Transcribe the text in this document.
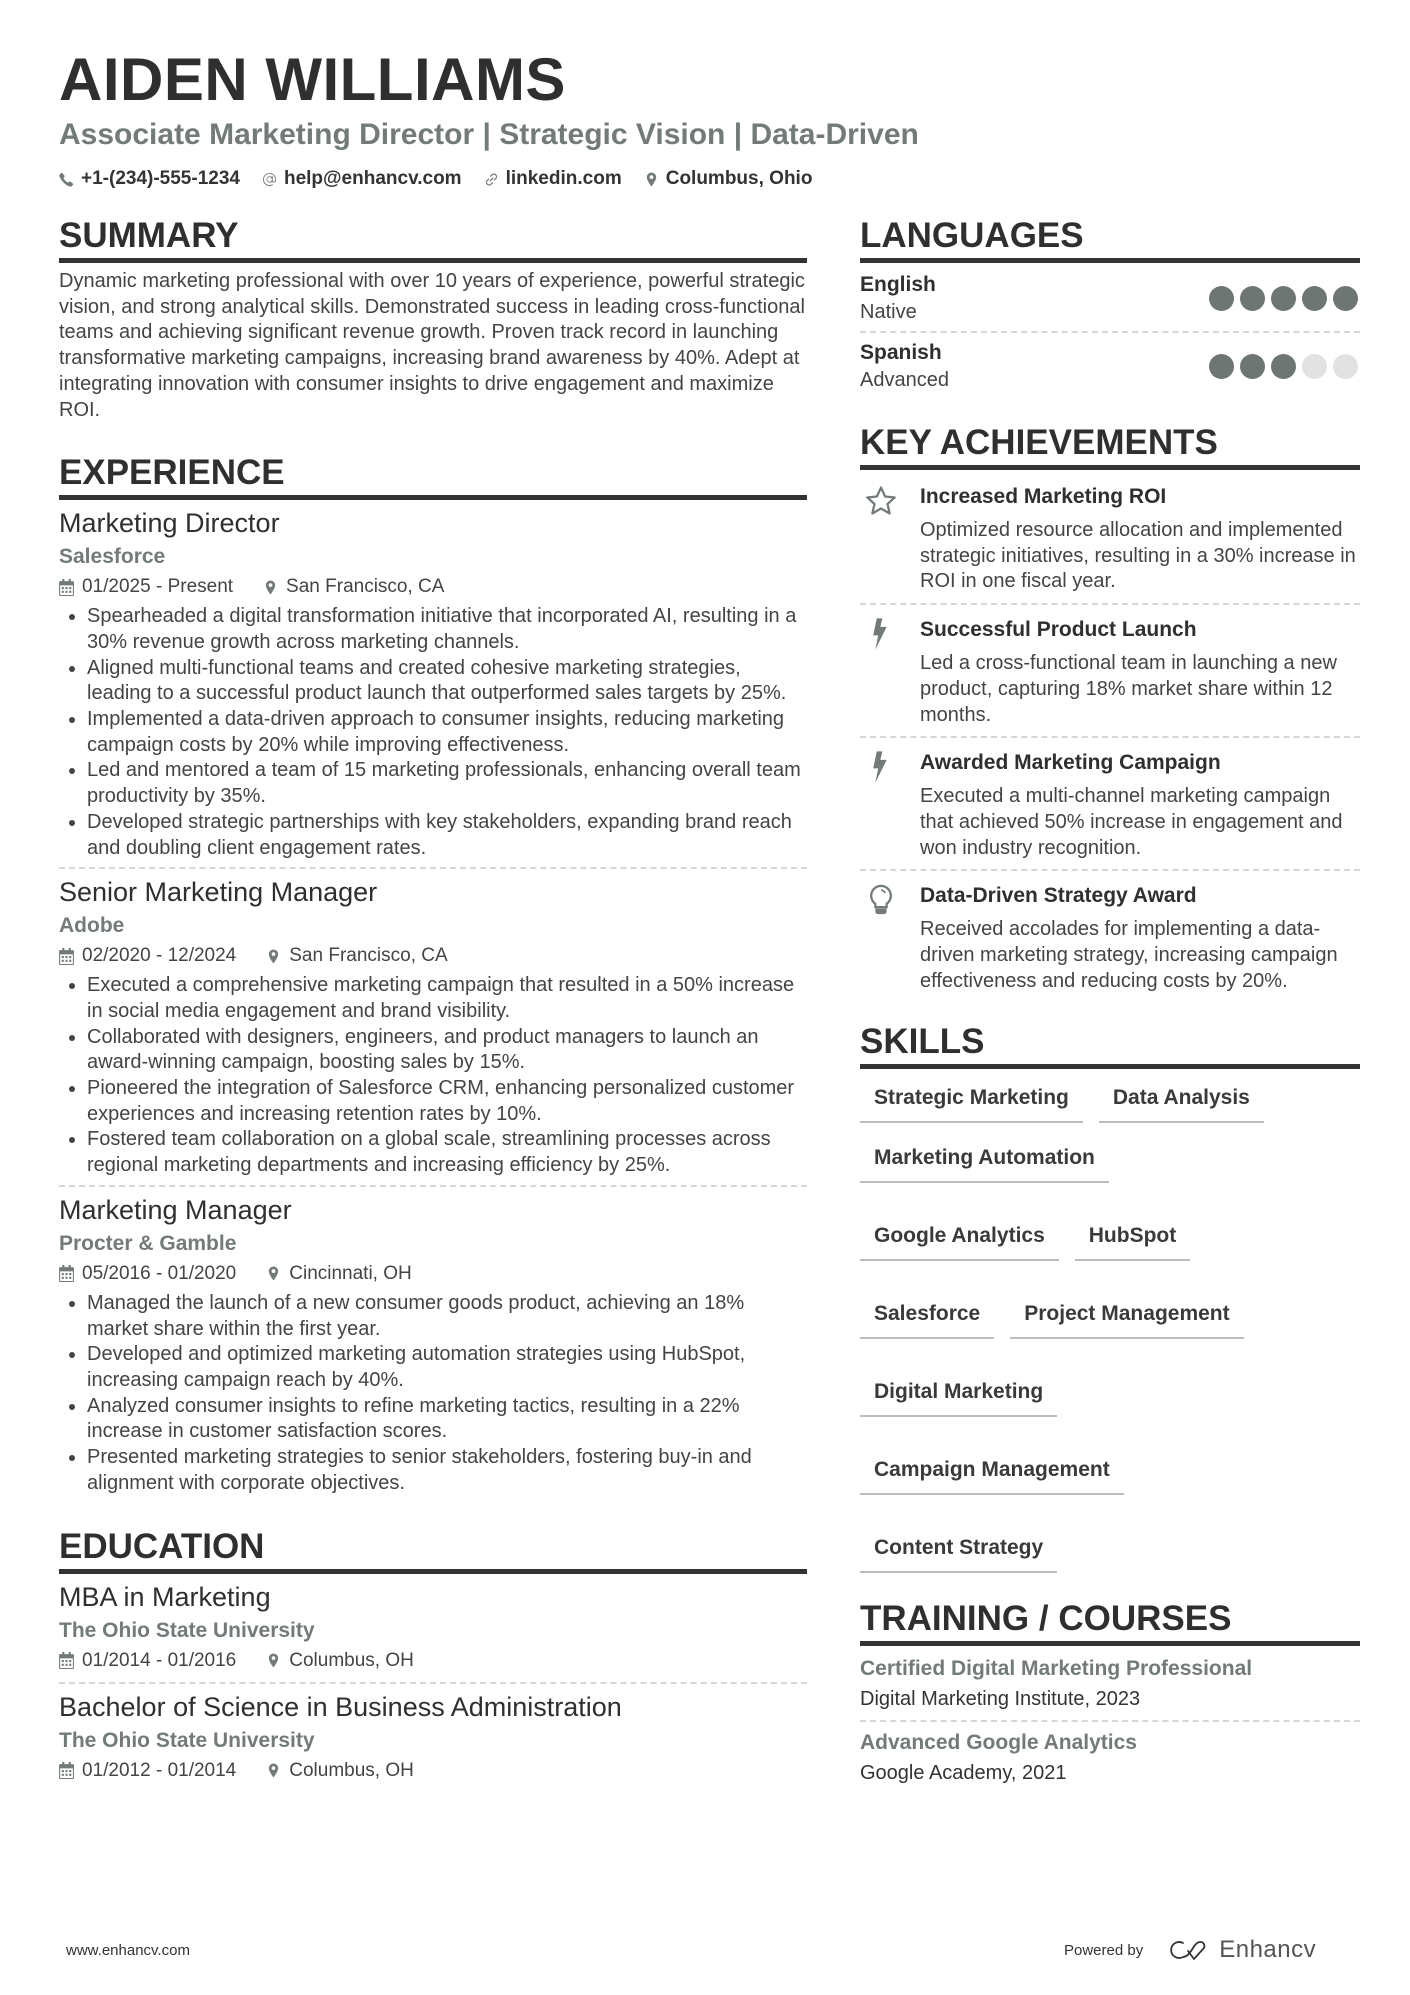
AIDEN WILLIAMS
Associate Marketing Director | Strategic Vision | Data-Driven
+1-(234)-555-1234 help@enhancv.com linkedin.com Columbus, Ohio
SUMMARY

Dynamic marketing professional with over 10 years of experience, powerful strategic vision, and strong analytical skills. Demonstrated success in leading cross-functional teams and achieving significant revenue growth. Proven track record in launching transformative marketing campaigns, increasing brand awareness by 40%. Adept at integrating innovation with consumer insights to drive engagement and maximize ROI.

EXPERIENCE
Marketing Director
Salesforce
01/2025 - Present	San Francisco, CA
Spearheaded a digital transformation initiative that incorporated AI, resulting in a 30% revenue growth across marketing channels.
Aligned multi-functional teams and created cohesive marketing strategies, leading to a successful product launch that outperformed sales targets by 25%.
Implemented a data-driven approach to consumer insights, reducing marketing campaign costs by 20% while improving effectiveness.
Led and mentored a team of 15 marketing professionals, enhancing overall team productivity by 35%.
Developed strategic partnerships with key stakeholders, expanding brand reach and doubling client engagement rates.
Senior Marketing Manager
Adobe
02/2020 - 12/2024	San Francisco, CA
Executed a comprehensive marketing campaign that resulted in a 50% increase in social media engagement and brand visibility.
Collaborated with designers, engineers, and product managers to launch an award-winning campaign, boosting sales by 15%.
Pioneered the integration of Salesforce CRM, enhancing personalized customer experiences and increasing retention rates by 10%.
Fostered team collaboration on a global scale, streamlining processes across regional marketing departments and increasing efficiency by 25%.
Marketing Manager
Procter & Gamble
05/2016 - 01/2020	Cincinnati, OH
Managed the launch of a new consumer goods product, achieving an 18% market share within the first year.
Developed and optimized marketing automation strategies using HubSpot, increasing campaign reach by 40%.
Analyzed consumer insights to refine marketing tactics, resulting in a 22% increase in customer satisfaction scores.
Presented marketing strategies to senior stakeholders, fostering buy-in and alignment with corporate objectives.
EDUCATION
MBA in Marketing
The Ohio State University
01/2014 - 01/2016	Columbus, OH
Bachelor of Science in Business Administration
The Ohio State University
01/2012 - 01/2014	Columbus, OH
LANGUAGES
English
Native
Spanish
Advanced
KEY ACHIEVEMENTS
Increased Marketing ROI
Optimized resource allocation and implemented strategic initiatives, resulting in a 30% increase in ROI in one fiscal year.
Successful Product Launch
Led a cross-functional team in launching a new product, capturing 18% market share within 12 months.
Awarded Marketing Campaign
Executed a multi-channel marketing campaign that achieved 50% increase in engagement and won industry recognition.
Data-Driven Strategy Award
Received accolades for implementing a data-driven marketing strategy, increasing campaign effectiveness and reducing costs by 20%.
SKILLS
Strategic Marketing	Data Analysis
Marketing Automation
Google Analytics	HubSpot
Salesforce	Project Management
Digital Marketing
Campaign Management
Content Strategy
TRAINING / COURSES
Certified Digital Marketing Professional
Digital Marketing Institute, 2023
Advanced Google Analytics
Google Academy, 2021
www.enhancv.com	Powered by	Enhancv
